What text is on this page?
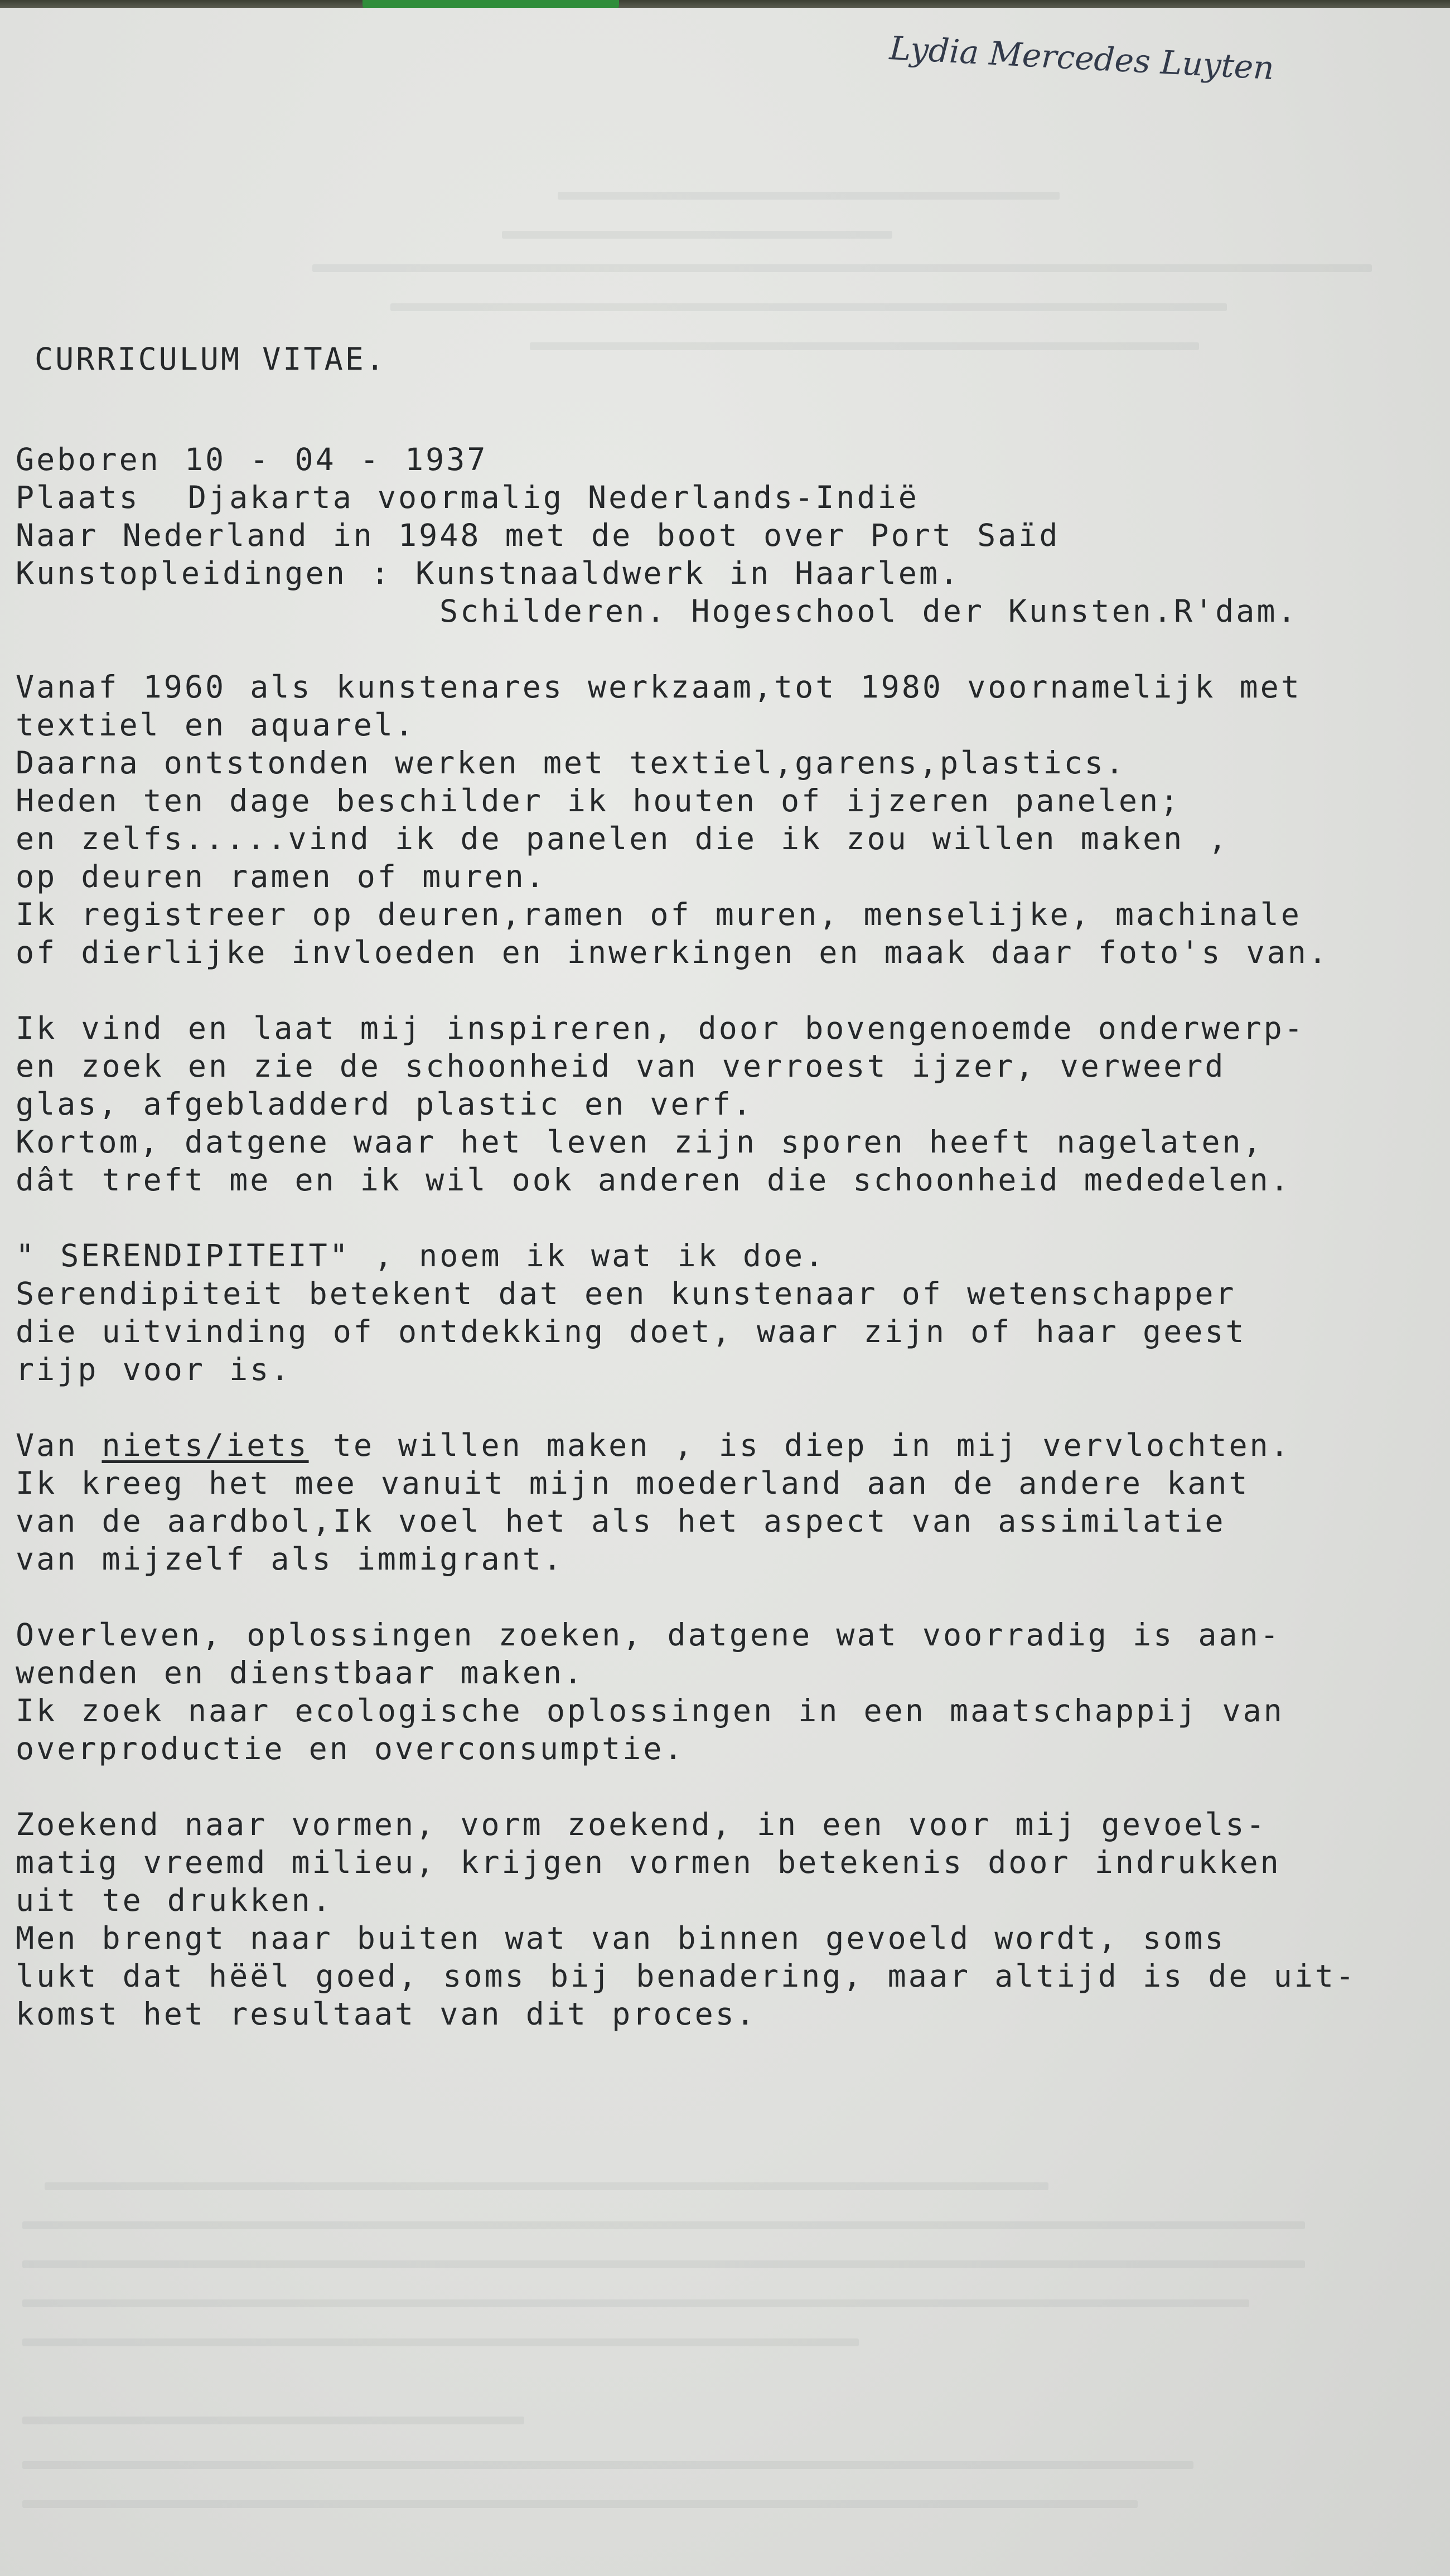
Lydia Mercedes Luyten
CURRICULUM VITAE.
Geboren 10 - 04 - 1937
Plaats  Djakarta voormalig Nederlands-Indië
Naar Nederland in 1948 met de boot over Port Saïd
Kunstopleidingen : Kunstnaaldwerk in Haarlem.
Schilderen. Hogeschool der Kunsten.R'dam.
Vanaf 1960 als kunstenares werkzaam,tot 1980 voornamelijk met
textiel en aquarel.
Daarna ontstonden werken met textiel,garens,plastics.
Heden ten dage beschilder ik houten of ijzeren panelen;
en zelfs.....vind ik de panelen die ik zou willen maken ,
op deuren ramen of muren.
Ik registreer op deuren,ramen of muren, menselijke, machinale
of dierlijke invloeden en inwerkingen en maak daar foto's van.
Ik vind en laat mij inspireren, door bovengenoemde onderwerp-
en zoek en zie de schoonheid van verroest ijzer, verweerd
glas, afgebladderd plastic en verf.
Kortom, datgene waar het leven zijn sporen heeft nagelaten,
dât treft me en ik wil ook anderen die schoonheid mededelen.
" SERENDIPITEIT" , noem ik wat ik doe.
Serendipiteit betekent dat een kunstenaar of wetenschapper
die uitvinding of ontdekking doet, waar zijn of haar geest
rijp voor is.
Van niets/iets te willen maken , is diep in mij vervlochten.
Ik kreeg het mee vanuit mijn moederland aan de andere kant
van de aardbol,Ik voel het als het aspect van assimilatie
van mijzelf als immigrant.
Overleven, oplossingen zoeken, datgene wat voorradig is aan-
wenden en dienstbaar maken.
Ik zoek naar ecologische oplossingen in een maatschappij van
overproductie en overconsumptie.
Zoekend naar vormen, vorm zoekend, in een voor mij gevoels-
matig vreemd milieu, krijgen vormen betekenis door indrukken
uit te drukken.
Men brengt naar buiten wat van binnen gevoeld wordt, soms
lukt dat hëël goed, soms bij benadering, maar altijd is de uit-
komst het resultaat van dit proces.
